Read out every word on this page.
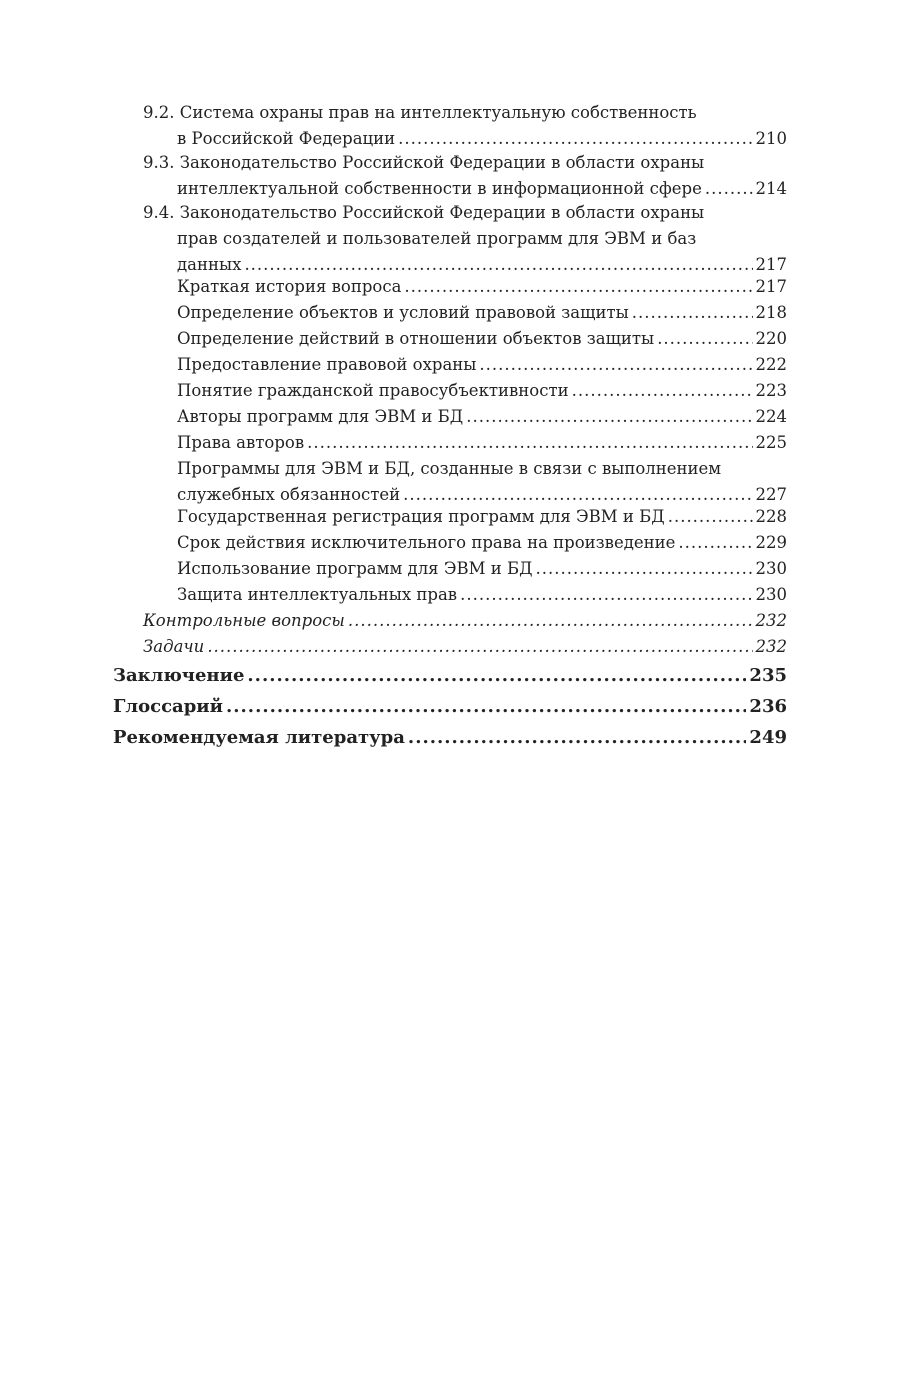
9.2. Система охраны прав на интеллектуальную собственность
в Российской Федерации .....	210
9.3. Законодательство Российской Федерации в области охраны
интеллектуальной собственности в информационной сфере .....	214
9.4. Законодательство Российской Федерации в области охраны
прав создателей и пользователей программ для ЭВМ и баз
данных .....	217
Краткая история вопроса .....	217
Определение объектов и условий правовой защиты .....	218
Определение действий в отношении объектов защиты .....	220
Предоставление правовой охраны .....	222
Понятие гражданской правосубъективности .....	223
Авторы программ для ЭВМ и БД .....	224
Права авторов .....	225
Программы для ЭВМ и БД, созданные в связи с выполнением
служебных обязанностей .....	227
Государственная регистрация программ для ЭВМ и БД .....	228
Срок действия исключительного права на произведение .....	229
Использование программ для ЭВМ и БД .....	230
Защита интеллектуальных прав .....	230
Контрольные вопросы .....	232
Задачи .....	232
Заключение .....	235
Глоссарий .....	236
Рекомендуемая литература .....	249
